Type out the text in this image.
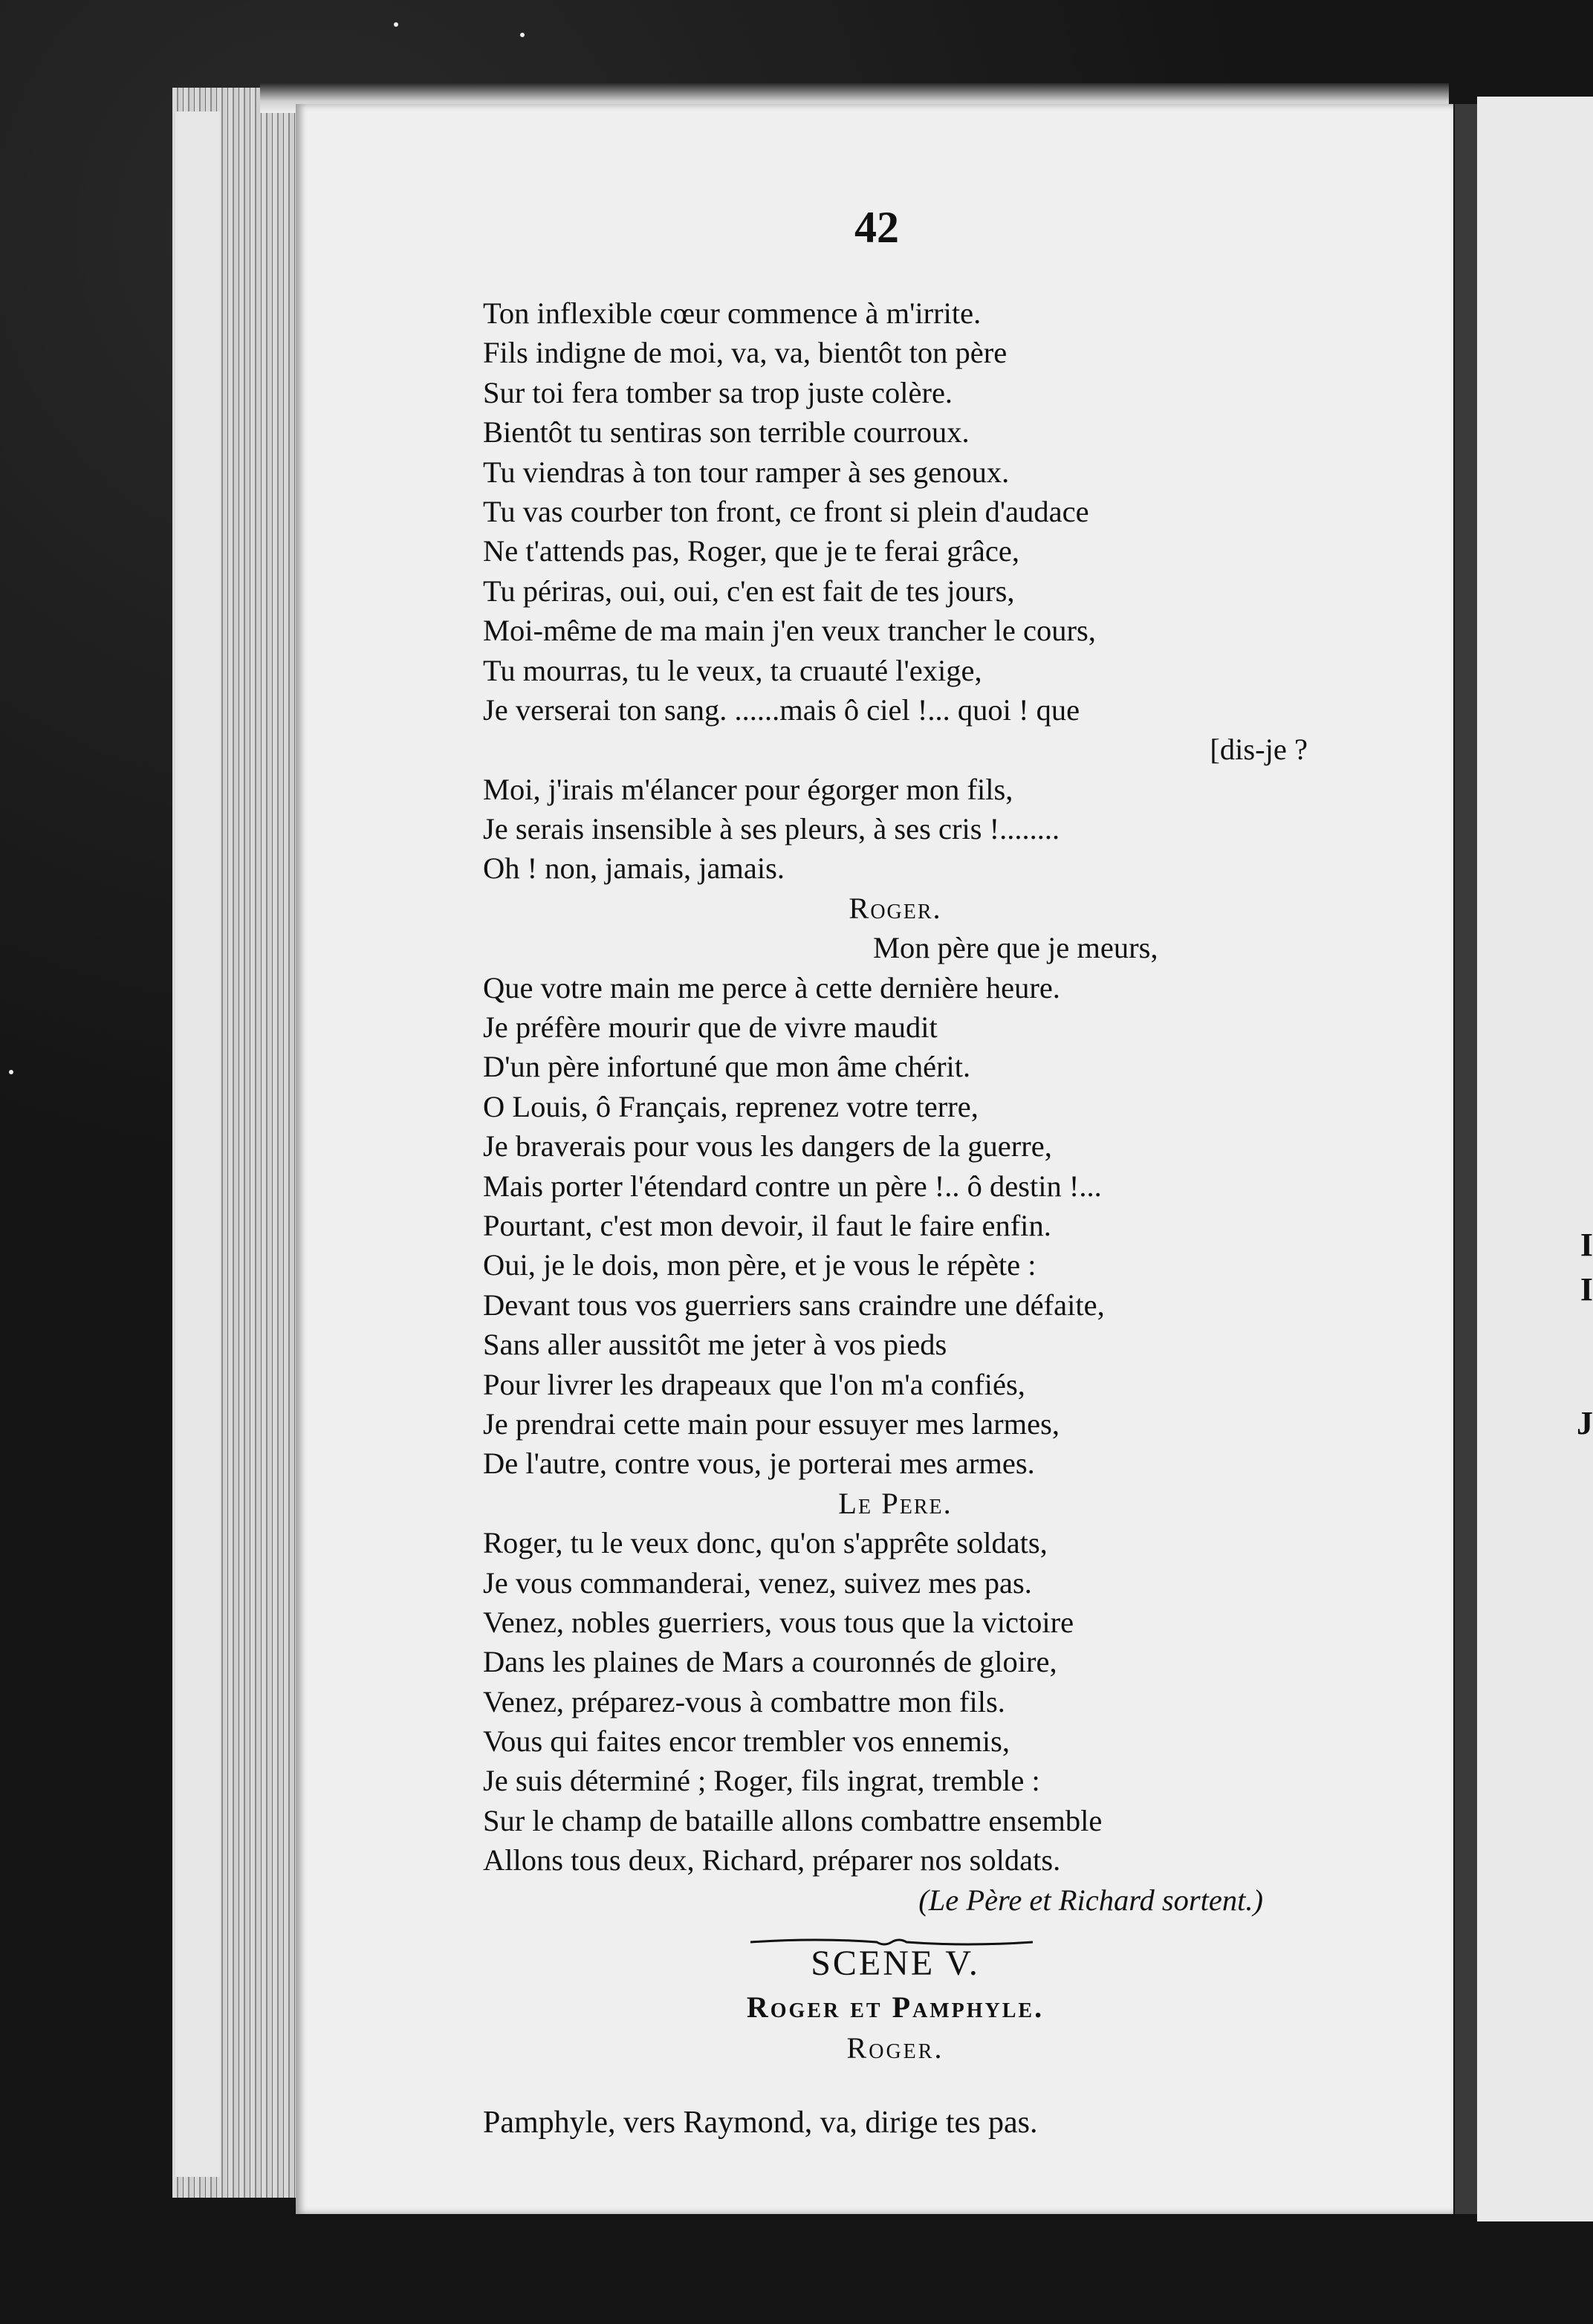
I
I
J
42
Ton inflexible cœur commence à m'irrite.
Fils indigne de moi, va, va, bientôt ton père
Sur toi fera tomber sa trop juste colère.
Bientôt tu sentiras son terrible courroux.
Tu viendras à ton tour ramper à ses genoux.
Tu vas courber ton front, ce front si plein d'audace
Ne t'attends pas, Roger, que je te ferai grâce,
Tu périras, oui, oui, c'en est fait de tes jours,
Moi-même de ma main j'en veux trancher le cours,
Tu mourras, tu le veux, ta cruauté l'exige,
Je verserai ton sang. ......mais ô ciel !... quoi ! que
[dis-je ?
Moi, j'irais m'élancer pour égorger mon fils,
Je serais insensible à ses pleurs, à ses cris !........
Oh ! non, jamais, jamais.
Roger.
Mon père que je meurs,
Que votre main me perce à cette dernière heure.
Je préfère mourir que de vivre maudit
D'un père infortuné que mon âme chérit.
O Louis, ô Français, reprenez votre terre,
Je braverais pour vous les dangers de la guerre,
Mais porter l'étendard contre un père !.. ô destin !...
Pourtant, c'est mon devoir, il faut le faire enfin.
Oui, je le dois, mon père, et je vous le répète :
Devant tous vos guerriers sans craindre une défaite,
Sans aller aussitôt me jeter à vos pieds
Pour livrer les drapeaux que l'on m'a confiés,
Je prendrai cette main pour essuyer mes larmes,
De l'autre, contre vous, je porterai mes armes.
Le Pere.
Roger, tu le veux donc, qu'on s'apprête soldats,
Je vous commanderai, venez, suivez mes pas.
Venez, nobles guerriers, vous tous que la victoire
Dans les plaines de Mars a couronnés de gloire,
Venez, préparez-vous à combattre mon fils.
Vous qui faites encor trembler vos ennemis,
Je suis déterminé ; Roger, fils ingrat, tremble :
Sur le champ de bataille allons combattre ensemble
Allons tous deux, Richard, préparer nos soldats.
(Le Père et Richard sortent.)
SCENE V.
Roger et Pamphyle.
Roger.
Pamphyle, vers Raymond, va, dirige tes pas.
